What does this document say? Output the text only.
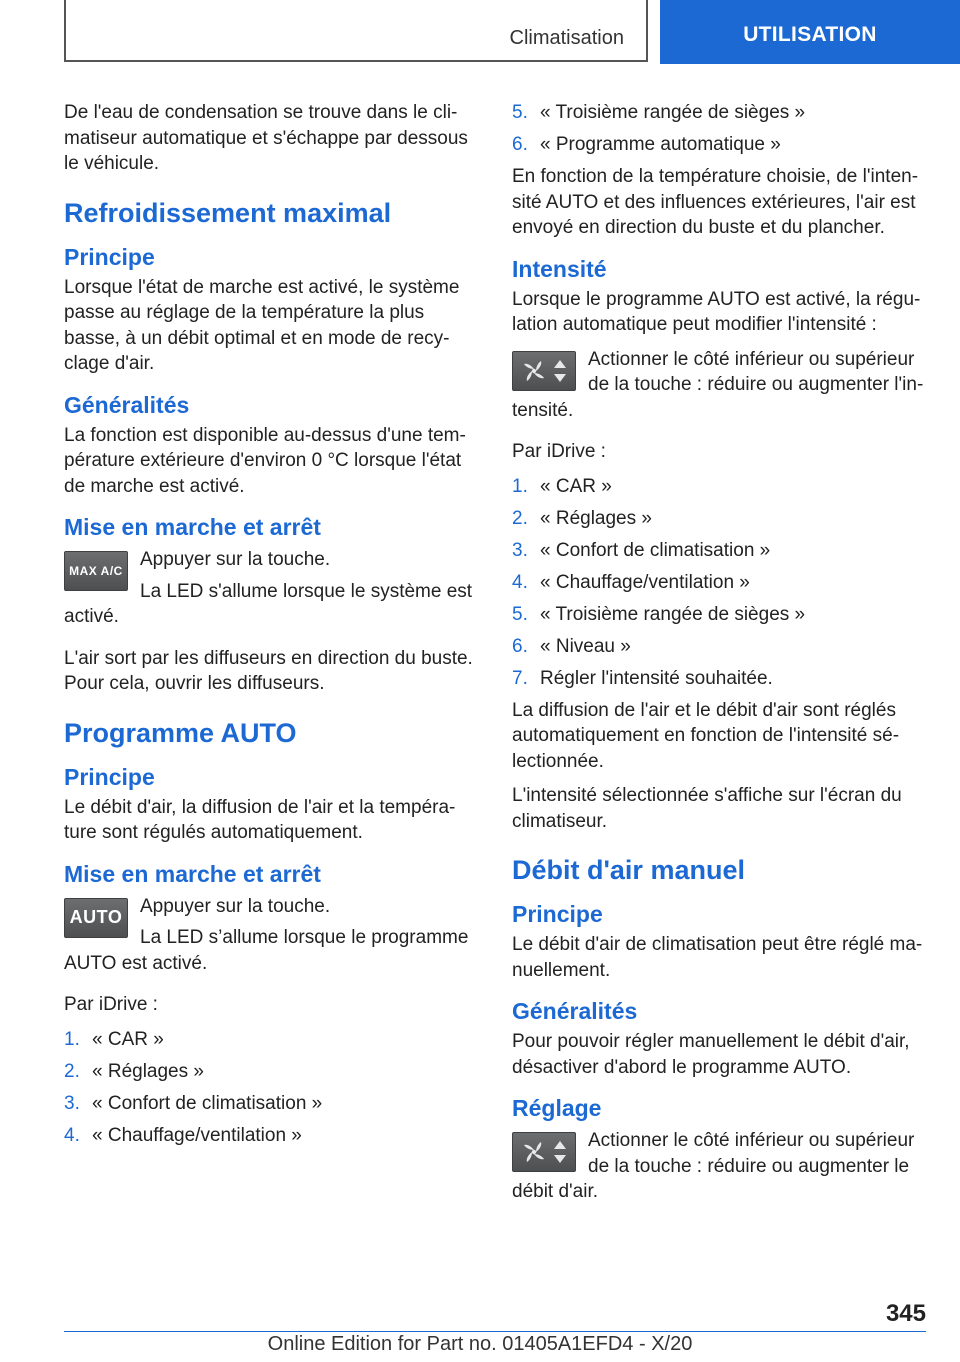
Climatisation	UTILISATION

De l'eau de condensation se trouve dans le cli-matiseur automatique et s'échappe par dessous le véhicule.

Refroidissement maximal
Principe

Lorsque l'état de marche est activé, le système passe au réglage de la température la plus basse, à un débit optimal et en mode de recy-clage d'air.

Généralités

La fonction est disponible au-dessus d'une tem-pérature extérieure d'environ 0 °C lorsque l'état de marche est activé.

Mise en marche et arrêt
MAX A/C

Appuyer sur la touche.

La LED s'allume lorsque le système est activé.

L'air sort par les diffuseurs en direction du buste. Pour cela, ouvrir les diffuseurs.

Programme AUTO
Principe

Le débit d'air, la diffusion de l'air et la tempéra-ture sont régulés automatiquement.

Mise en marche et arrêt
AUTO

Appuyer sur la touche.

La LED s’allume lorsque le programme AUTO est activé.

Par iDrive :

1. « CAR »
2. « Réglages »
3. « Confort de climatisation »
4. « Chauffage/ventilation »
5. « Troisième rangée de sièges »
6. « Programme automatique »

En fonction de la température choisie, de l'inten-sité AUTO et des influences extérieures, l'air est envoyé en direction du buste et du plancher.

Intensité

Lorsque le programme AUTO est activé, la régu-lation automatique peut modifier l'intensité :

Actionner le côté inférieur ou supérieur de la touche : réduire ou augmenter l'in-tensité.

Par iDrive :

1. « CAR »
2. « Réglages »
3. « Confort de climatisation »
4. « Chauffage/ventilation »
5. « Troisième rangée de sièges »
6. « Niveau »
7. Régler l'intensité souhaitée.

La diffusion de l'air et le débit d'air sont réglés automatiquement en fonction de l'intensité sé-lectionnée.

L'intensité sélectionnée s'affiche sur l'écran du climatiseur.

Débit d'air manuel
Principe

Le débit d'air de climatisation peut être réglé ma-nuellement.

Généralités

Pour pouvoir régler manuellement le débit d'air, désactiver d'abord le programme AUTO.

Réglage

Actionner le côté inférieur ou supérieur de la touche : réduire ou augmenter le débit d'air.

345
Online Edition for Part no. 01405A1EFD4 - X/20
